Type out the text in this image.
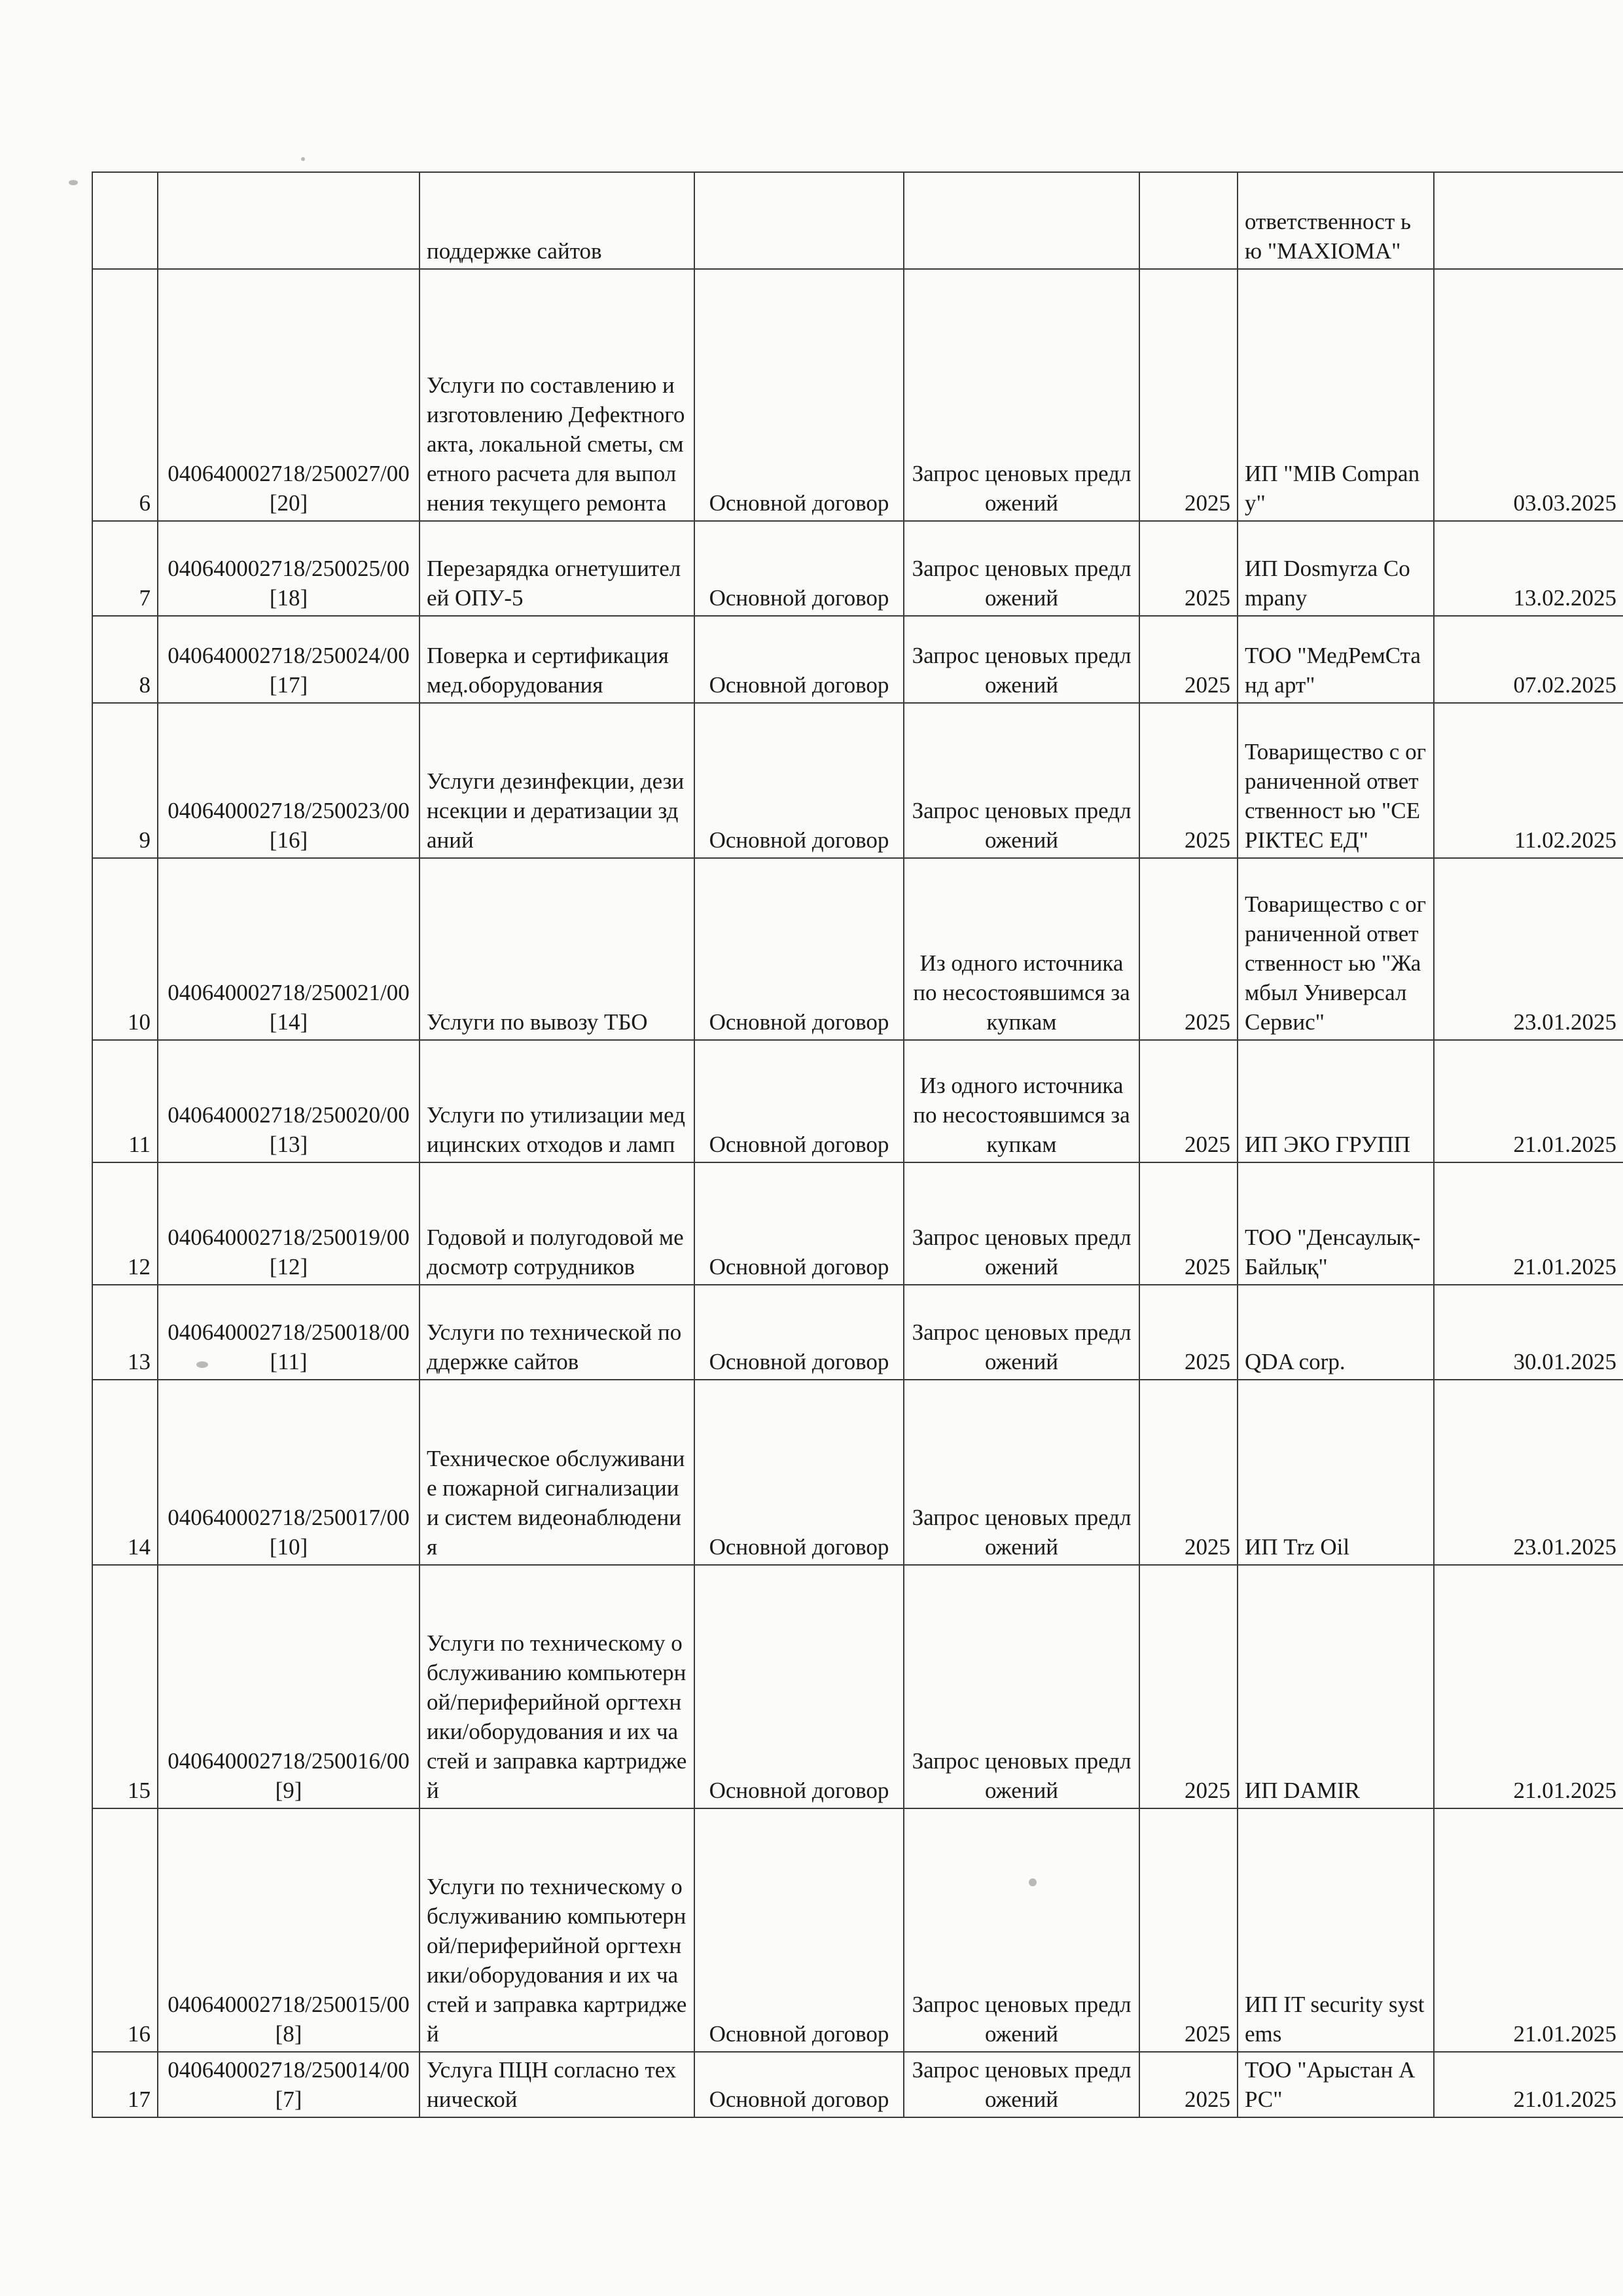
		поддержке сайтов				ответственност ью "MAXIOMA"	
6	040640002718/250027/00 [20]	Услуги по составлению и изготовлению Дефектного акта, локальной сметы, сметного расчета для выполнения текущего ремонта	Основной договор	Запрос ценовых предложений	2025	ИП "MIB Company"	03.03.2025
7	040640002718/250025/00 [18]	Перезарядка огнетушителей ОПУ-5	Основной договор	Запрос ценовых предложений	2025	ИП Dosmyrza Company	13.02.2025
8	040640002718/250024/00 [17]	Поверка и сертификация мед.оборудования	Основной договор	Запрос ценовых предложений	2025	ТОО "МедРемСтанд арт"	07.02.2025
9	040640002718/250023/00 [16]	Услуги дезинфекции, дезинсекции и дератизации зданий	Основной договор	Запрос ценовых предложений	2025	Товарищество с ограниченной ответственност ью "СЕРІКТЕС ЕД"	11.02.2025
10	040640002718/250021/00 [14]	Услуги по вывозу ТБО	Основной договор	Из одного источника по несостоявшимся закупкам	2025	Товарищество с ограниченной ответственност ью "Жамбыл Универсал Сервис"	23.01.2025
11	040640002718/250020/00 [13]	Услуги по утилизации медицинских отходов и ламп	Основной договор	Из одного источника по несостоявшимся закупкам	2025	ИП ЭКО ГРУПП	21.01.2025
12	040640002718/250019/00 [12]	Годовой и полугодовой медосмотр сотрудников	Основной договор	Запрос ценовых предложений	2025	ТОО "Денсаулық-Байлық"	21.01.2025
13	040640002718/250018/00 [11]	Услуги по технической поддержке сайтов	Основной договор	Запрос ценовых предложений	2025	QDA corp.	30.01.2025
14	040640002718/250017/00 [10]	Техническое обслуживание пожарной сигнализации и систем видеонаблюдения	Основной договор	Запрос ценовых предложений	2025	ИП Trz Oil	23.01.2025
15	040640002718/250016/00 [9]	Услуги по техническому обслуживанию компьютерной/периферийной оргтехники/оборудования и их частей и заправка картриджей	Основной договор	Запрос ценовых предложений	2025	ИП DAMIR	21.01.2025
16	040640002718/250015/00 [8]	Услуги по техническому обслуживанию компьютерной/периферийной оргтехники/оборудования и их частей и заправка картриджей	Основной договор	Запрос ценовых предложений	2025	ИП IT security systems	21.01.2025
17	040640002718/250014/00 [7]	Услуга ПЦН согласно технической	Основной договор	Запрос ценовых предложений	2025	ТОО "Арыстан АРС"	21.01.2025
